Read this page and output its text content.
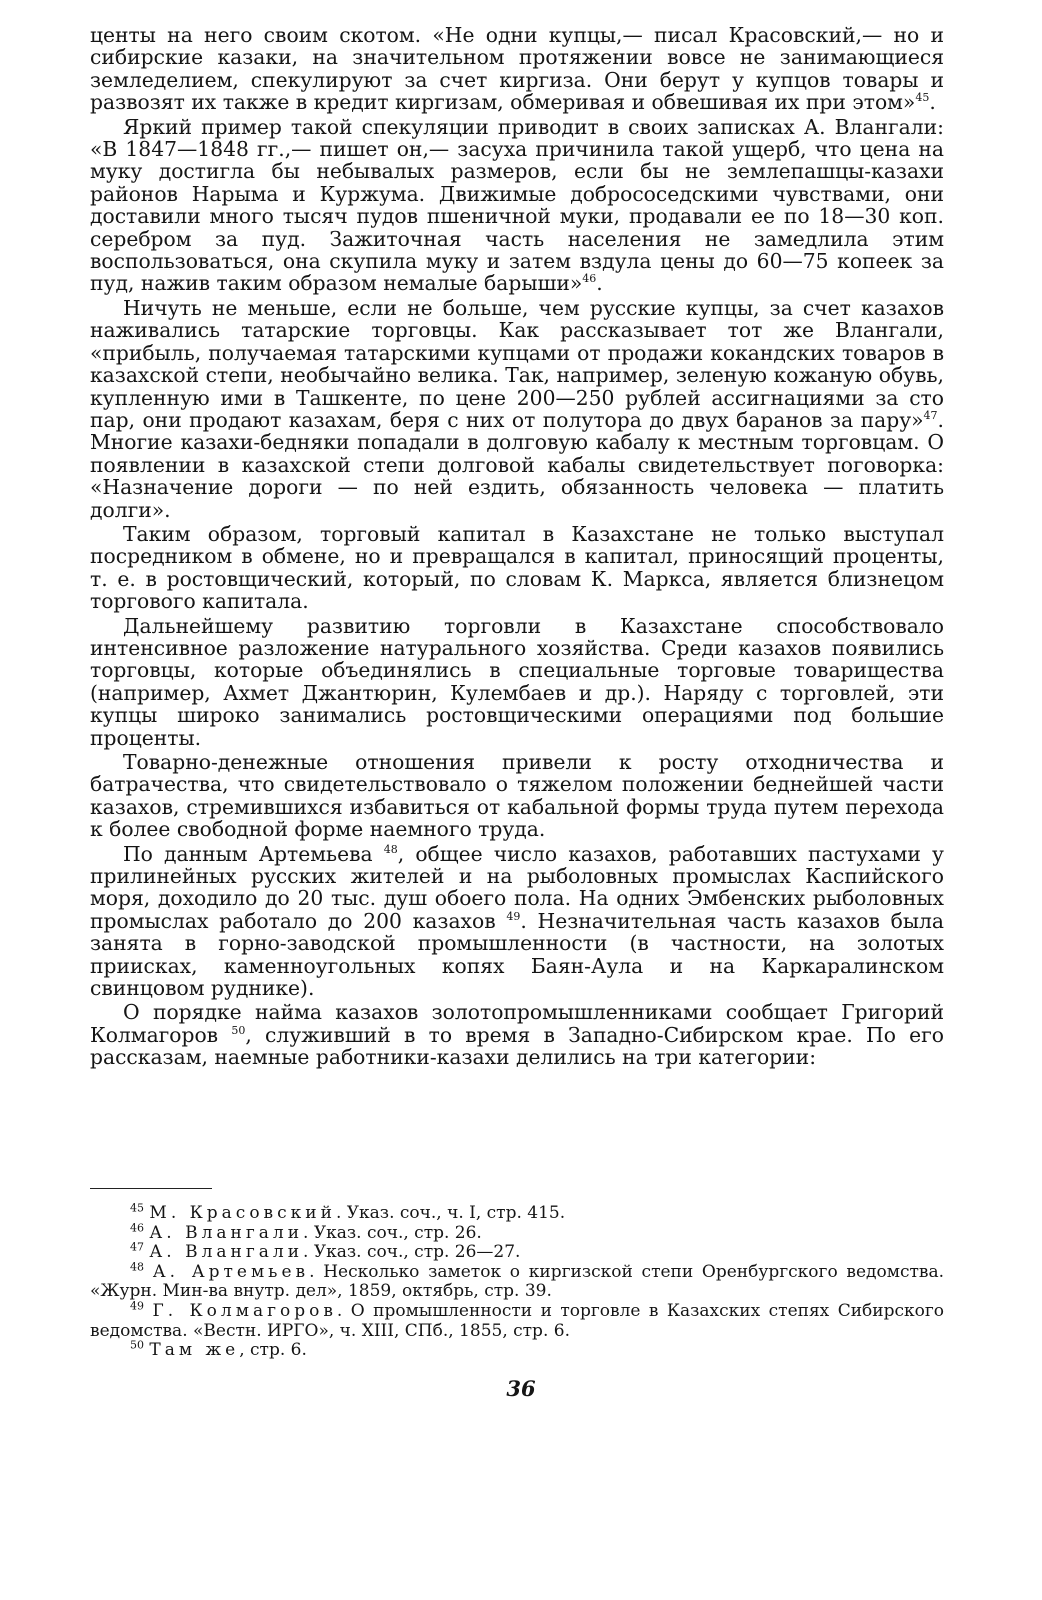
центы на него своим скотом. «Не одни купцы,— писал Красовский,— но и сибирские казаки, на значительном протяжении вовсе не занимающиеся земледелием, спекулируют за счет киргиза. Они берут у купцов товары и развозят их также в кредит киргизам, обмеривая и обвешивая их при этом»$^{45}$.

Яркий пример такой спекуляции приводит в своих записках А. Влангали: «В 1847—1848 гг.,— пишет он,— засуха причинила такой ущерб, что цена на муку достигла бы небывалых размеров, если бы не землепашцы-казахи районов Нарыма и Куржума. Движимые добрососедскими чувствами, они доставили много тысяч пудов пшеничной муки, продавали ее по 18—30 коп. серебром за пуд. Зажиточная часть населения не замедлила этим воспользоваться, она скупила муку и затем вздула цены до 60—75 копеек за пуд, нажив таким образом немалые барыши»$^{46}$.

Ничуть не меньше, если не больше, чем русские купцы, за счет казахов наживались татарские торговцы. Как рассказывает тот же Влангали, «прибыль, получаемая татарскими купцами от продажи кокандских товаров в казахской степи, необычайно велика. Так, например, зеленую кожаную обувь, купленную ими в Ташкенте, по цене 200—250 рублей ассигнациями за сто пар, они продают казахам, беря с них от полутора до двух баранов за пару»$^{47}$. Многие казахи-бедняки попадали в долговую кабалу к местным торговцам. О появлении в казахской степи долговой кабалы свидетельствует поговорка: «Назначение дороги — по ней ездить, обязанность человека — платить долги».

Таким образом, торговый капитал в Казахстане не только выступал посредником в обмене, но и превращался в капитал, приносящий проценты, т. е. в ростовщический, который, по словам К. Маркса, является близнецом торгового капитала.

Дальнейшему развитию торговли в Казахстане способствовало интенсивное разложение натурального хозяйства. Среди казахов появились торговцы, которые объединялись в специальные торговые товарищества (например, Ахмет Джантюрин, Кулембаев и др.). Наряду с торговлей, эти купцы широко занимались ростовщическими операциями под большие проценты.

Товарно-денежные отношения привели к росту отходничества и батрачества, что свидетельствовало о тяжелом положении беднейшей части казахов, стремившихся избавиться от кабальной формы труда путем перехода к более свободной форме наемного труда.

По данным Артемьева $^{48}$, общее число казахов, работавших пастухами у прилинейных русских жителей и на рыболовных промыслах Каспийского моря, доходило до 20 тыс. душ обоего пола. На одних Эмбенских рыболовных промыслах работало до 200 казахов $^{49}$. Незначительная часть казахов была занята в горно-заводской промышленности (в частности, на золотых приисках, каменноугольных копях Баян-Аула и на Каркаралинском свинцовом руднике).

О порядке найма казахов золотопромышленниками сообщает Григорий Колмагоров $^{50}$, служивший в то время в Западно-Сибирском крае. По его рассказам, наемные работники-казахи делились на три категории:

$^{45}$ М. Красовский. Указ. соч., ч. I, стр. 415.

$^{46}$ А. Влангали. Указ. соч., стр. 26.

$^{47}$ А. Влангали. Указ. соч., стр. 26—27.

$^{48}$ А. Артемьев. Несколько заметок о киргизской степи Оренбургского ведомства. «Журн. Мин-ва внутр. дел», 1859, октябрь, стр. 39.

$^{49}$ Г. Колмагоров. О промышленности и торговле в Казахских степях Сибирского ведомства. «Вестн. ИРГО», ч. XIII, СПб., 1855, стр. 6.

$^{50}$ Там же, стр. 6.

36
